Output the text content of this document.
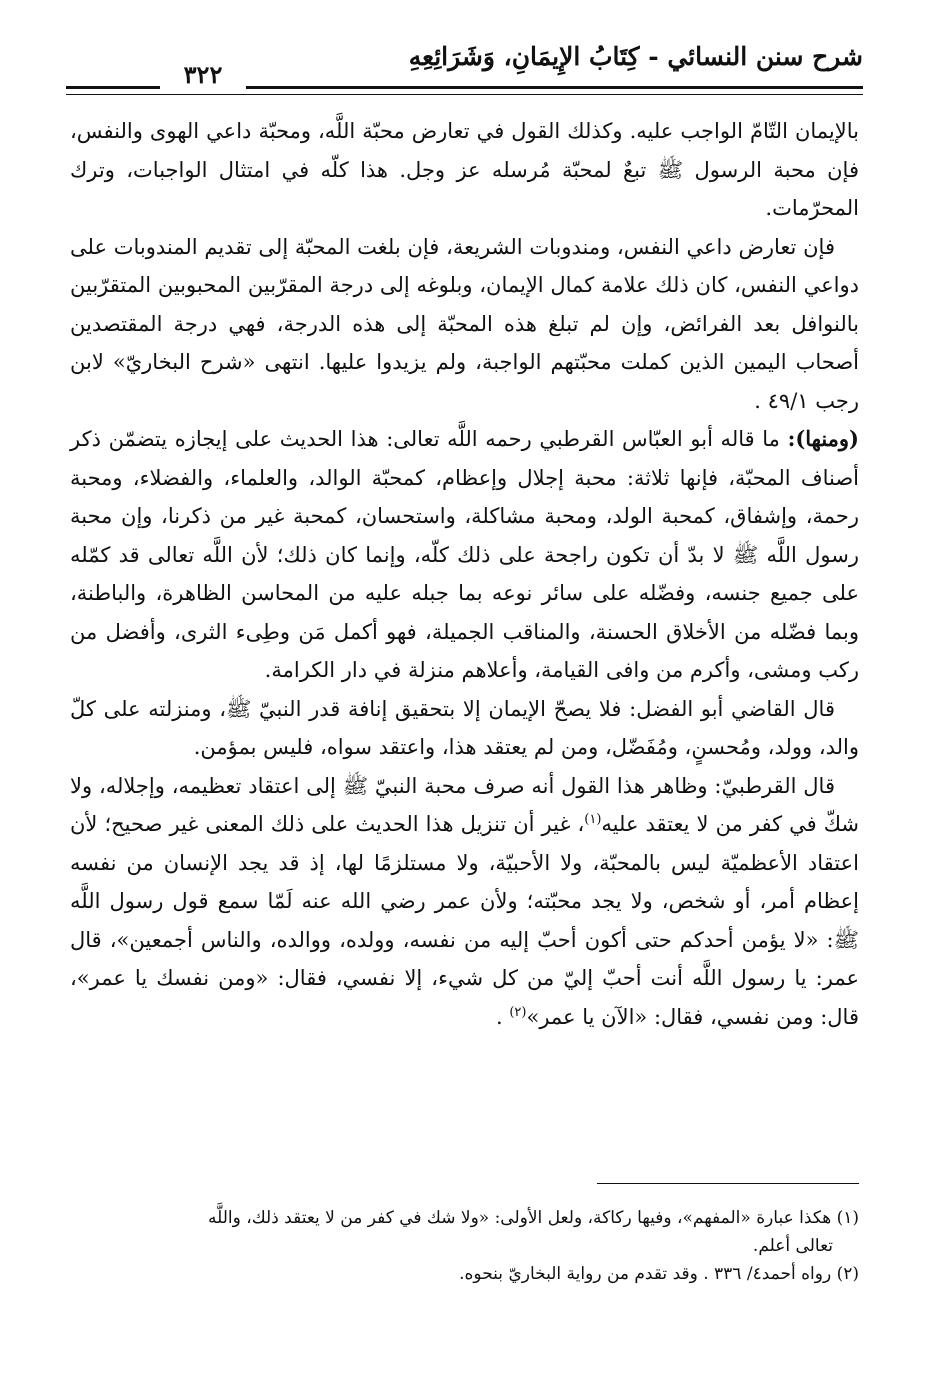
شرح سنن النسائي - كِتَابُ الإِيمَانِ، وَشَرَائِعِهِ
٣٢٢

بالإيمان التّامّ الواجب عليه. وكذلك القول في تعارض محبّة اللَّه، ومحبّة داعي الهوى والنفس، فإن محبة الرسول ﷺ تبعٌ لمحبّة مُرسله عز وجل. هذا كلّه في امتثال الواجبات، وترك المحرّمات.

فإن تعارض داعي النفس، ومندوبات الشريعة، فإن بلغت المحبّة إلى تقديم المندوبات على دواعي النفس، كان ذلك علامة كمال الإيمان، وبلوغه إلى درجة المقرّبين المحبوبين المتقرّبين بالنوافل بعد الفرائض، وإن لم تبلغ هذه المحبّة إلى هذه الدرجة، فهي درجة المقتصدين أصحاب اليمين الذين كملت محبّتهم الواجبة، ولم يزيدوا عليها. انتهى «شرح البخاريّ» لابن رجب ٤٩/١ .

(ومنها): ما قاله أبو العبّاس القرطبي رحمه اللَّه تعالى: هذا الحديث على إيجازه يتضمّن ذكر أصناف المحبّة، فإنها ثلاثة: محبة إجلال وإعظام، كمحبّة الوالد، والعلماء، والفضلاء، ومحبة رحمة، وإشفاق، كمحبة الولد، ومحبة مشاكلة، واستحسان، كمحبة غير من ذكرنا، وإن محبة رسول اللَّه ﷺ لا بدّ أن تكون راجحة على ذلك كلّه، وإنما كان ذلك؛ لأن اللَّه تعالى قد كمّله على جميع جنسه، وفضّله على سائر نوعه بما جبله عليه من المحاسن الظاهرة، والباطنة، وبما فضّله من الأخلاق الحسنة، والمناقب الجميلة، فهو أكمل مَن وطِىء الثرى، وأفضل من ركب ومشى، وأكرم من وافى القيامة، وأعلاهم منزلة في دار الكرامة.

قال القاضي أبو الفضل: فلا يصحّ الإيمان إلا بتحقيق إنافة قدر النبيّ ﷺ، ومنزلته على كلّ والد، وولد، ومُحسنٍ، ومُفَضّل، ومن لم يعتقد هذا، واعتقد سواه، فليس بمؤمن.

قال القرطبيّ: وظاهر هذا القول أنه صرف محبة النبيّ ﷺ إلى اعتقاد تعظيمه، وإجلاله، ولا شكّ في كفر من لا يعتقد عليه$^{(١)}$، غير أن تنزيل هذا الحديث على ذلك المعنى غير صحيح؛ لأن اعتقاد الأعظميّة ليس بالمحبّة، ولا الأحبيّة، ولا مستلزمًا لها، إذ قد يجد الإنسان من نفسه إعظام أمر، أو شخص، ولا يجد محبّته؛ ولأن عمر رضي الله عنه لَمّا سمع قول رسول اللَّه ﷺ: «لا يؤمن أحدكم حتى أكون أحبّ إليه من نفسه، وولده، ووالده، والناس أجمعين»، قال عمر: يا رسول اللَّه أنت أحبّ إليّ من كل شيء، إلا نفسي، فقال: «ومن نفسك يا عمر»، قال: ومن نفسي، فقال: «الآن يا عمر»$^{(٢)}$ .

(١) هكذا عبارة «المفهم»، وفيها ركاكة، ولعل الأولى: «ولا شك في كفر من لا يعتقد ذلك، واللَّه
تعالى أعلم.

(٢) رواه أحمد٤/ ٣٣٦ . وقد تقدم من رواية البخاريّ بنحوه.
